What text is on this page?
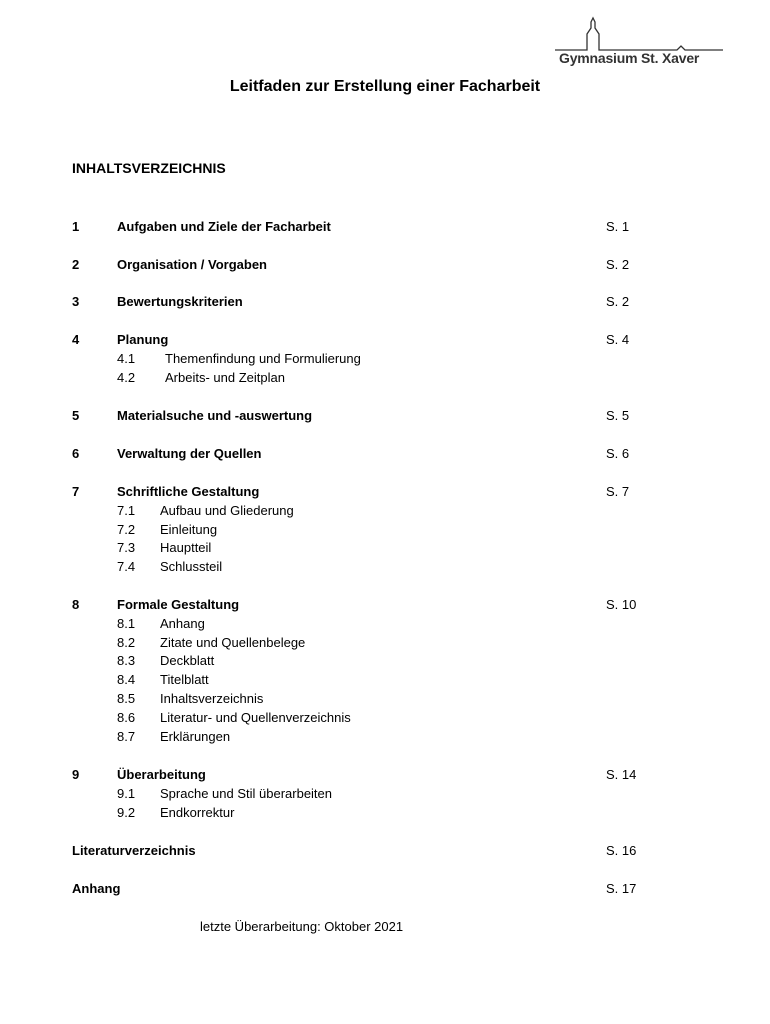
Gymnasium St. Xaver
Leitfaden zur Erstellung einer Facharbeit
INHALTSVERZEICHNIS
1	Aufgaben und Ziele der Facharbeit	S. 1
2	Organisation / Vorgaben	S. 2
3	Bewertungskriterien	S. 2
4	Planung	S. 4
4.1 Themenfindung und Formulierung
4.2 Arbeits- und Zeitplan
5	Materialsuche und -auswertung	S. 5
6	Verwaltung der Quellen	S. 6
7	Schriftliche Gestaltung	S. 7
7.1 Aufbau und Gliederung
7.2 Einleitung
7.3 Hauptteil
7.4 Schlussteil
8	Formale Gestaltung	S. 10
8.1 Anhang
8.2 Zitate und Quellenbelege
8.3 Deckblatt
8.4 Titelblatt
8.5 Inhaltsverzeichnis
8.6 Literatur- und Quellenverzeichnis
8.7 Erklärungen
9	Überarbeitung	S. 14
9.1 Sprache und Stil überarbeiten
9.2 Endkorrektur
Literaturverzeichnis	S. 16
Anhang	S. 17
letzte Überarbeitung: Oktober 2021
